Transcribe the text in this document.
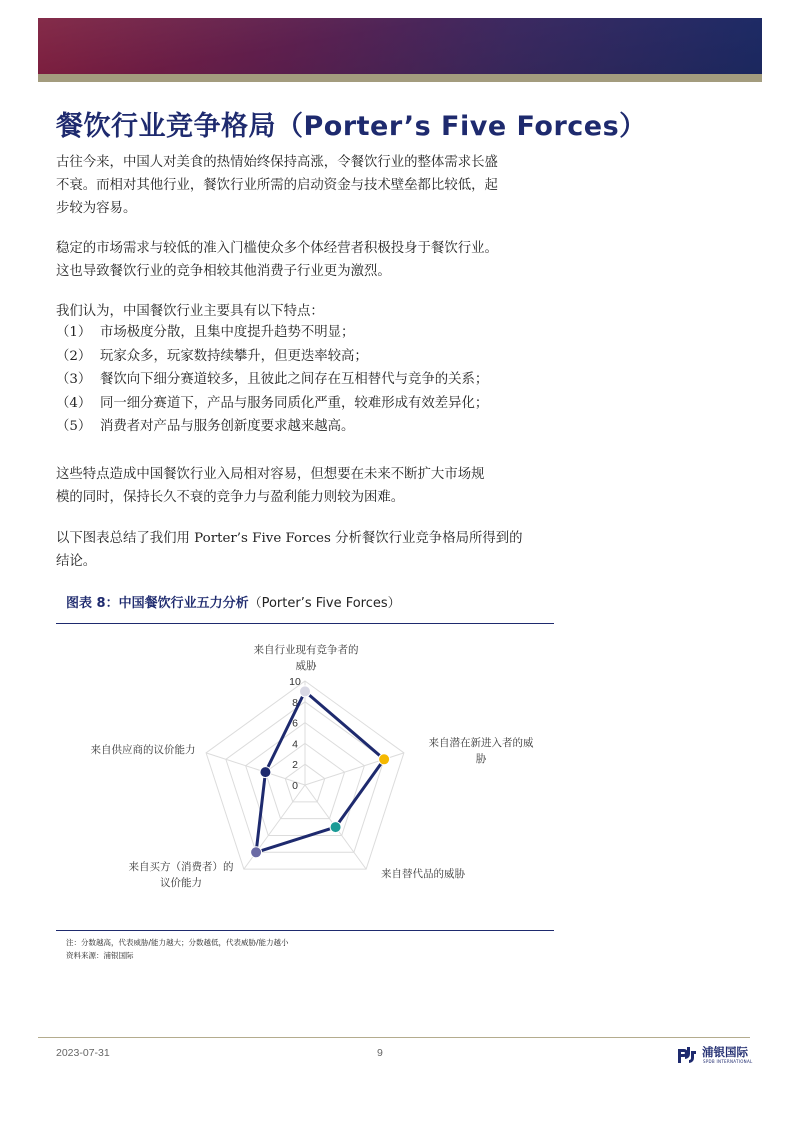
餐饮行业竞争格局（Porter’s Five Forces）

古往今来，中国人对美食的热情始终保持高涨，令餐饮行业的整体需求长盛

不衰。而相对其他行业，餐饮行业所需的启动资金与技术壁垒都比较低，起

步较为容易。

稳定的市场需求与较低的准入门槛使众多个体经营者积极投身于餐饮行业。

这也导致餐饮行业的竞争相较其他消费子行业更为激烈。

我们认为，中国餐饮行业主要具有以下特点：

（1） 市场极度分散，且集中度提升趋势不明显；
（2） 玩家众多，玩家数持续攀升，但更迭率较高；
（3） 餐饮向下细分赛道较多，且彼此之间存在互相替代与竞争的关系；
（4） 同一细分赛道下，产品与服务同质化严重，较难形成有效差异化；
（5） 消费者对产品与服务创新度要求越来越高。

这些特点造成中国餐饮行业入局相对容易，但想要在未来不断扩大市场规

模的同时，保持长久不衰的竞争力与盈利能力则较为困难。

以下图表总结了我们用 Porter’s Five Forces 分析餐饮行业竞争格局所得到的

结论。

图表 8：中国餐饮行业五力分析（Porter’s Five Forces）
0
2
4
6
8
10
来自行业现有竞争者的
威胁
来自潜在新进入者的威
胁
来自替代品的威胁
来自买方（消费者）的
议价能力
来自供应商的议价能力
注：分数越高，代表威胁/能力越大；分数越低，代表威胁/能力越小
资料来源：浦银国际
2023-07-31	9	浦银国际
SPDB INTERNATIONAL
